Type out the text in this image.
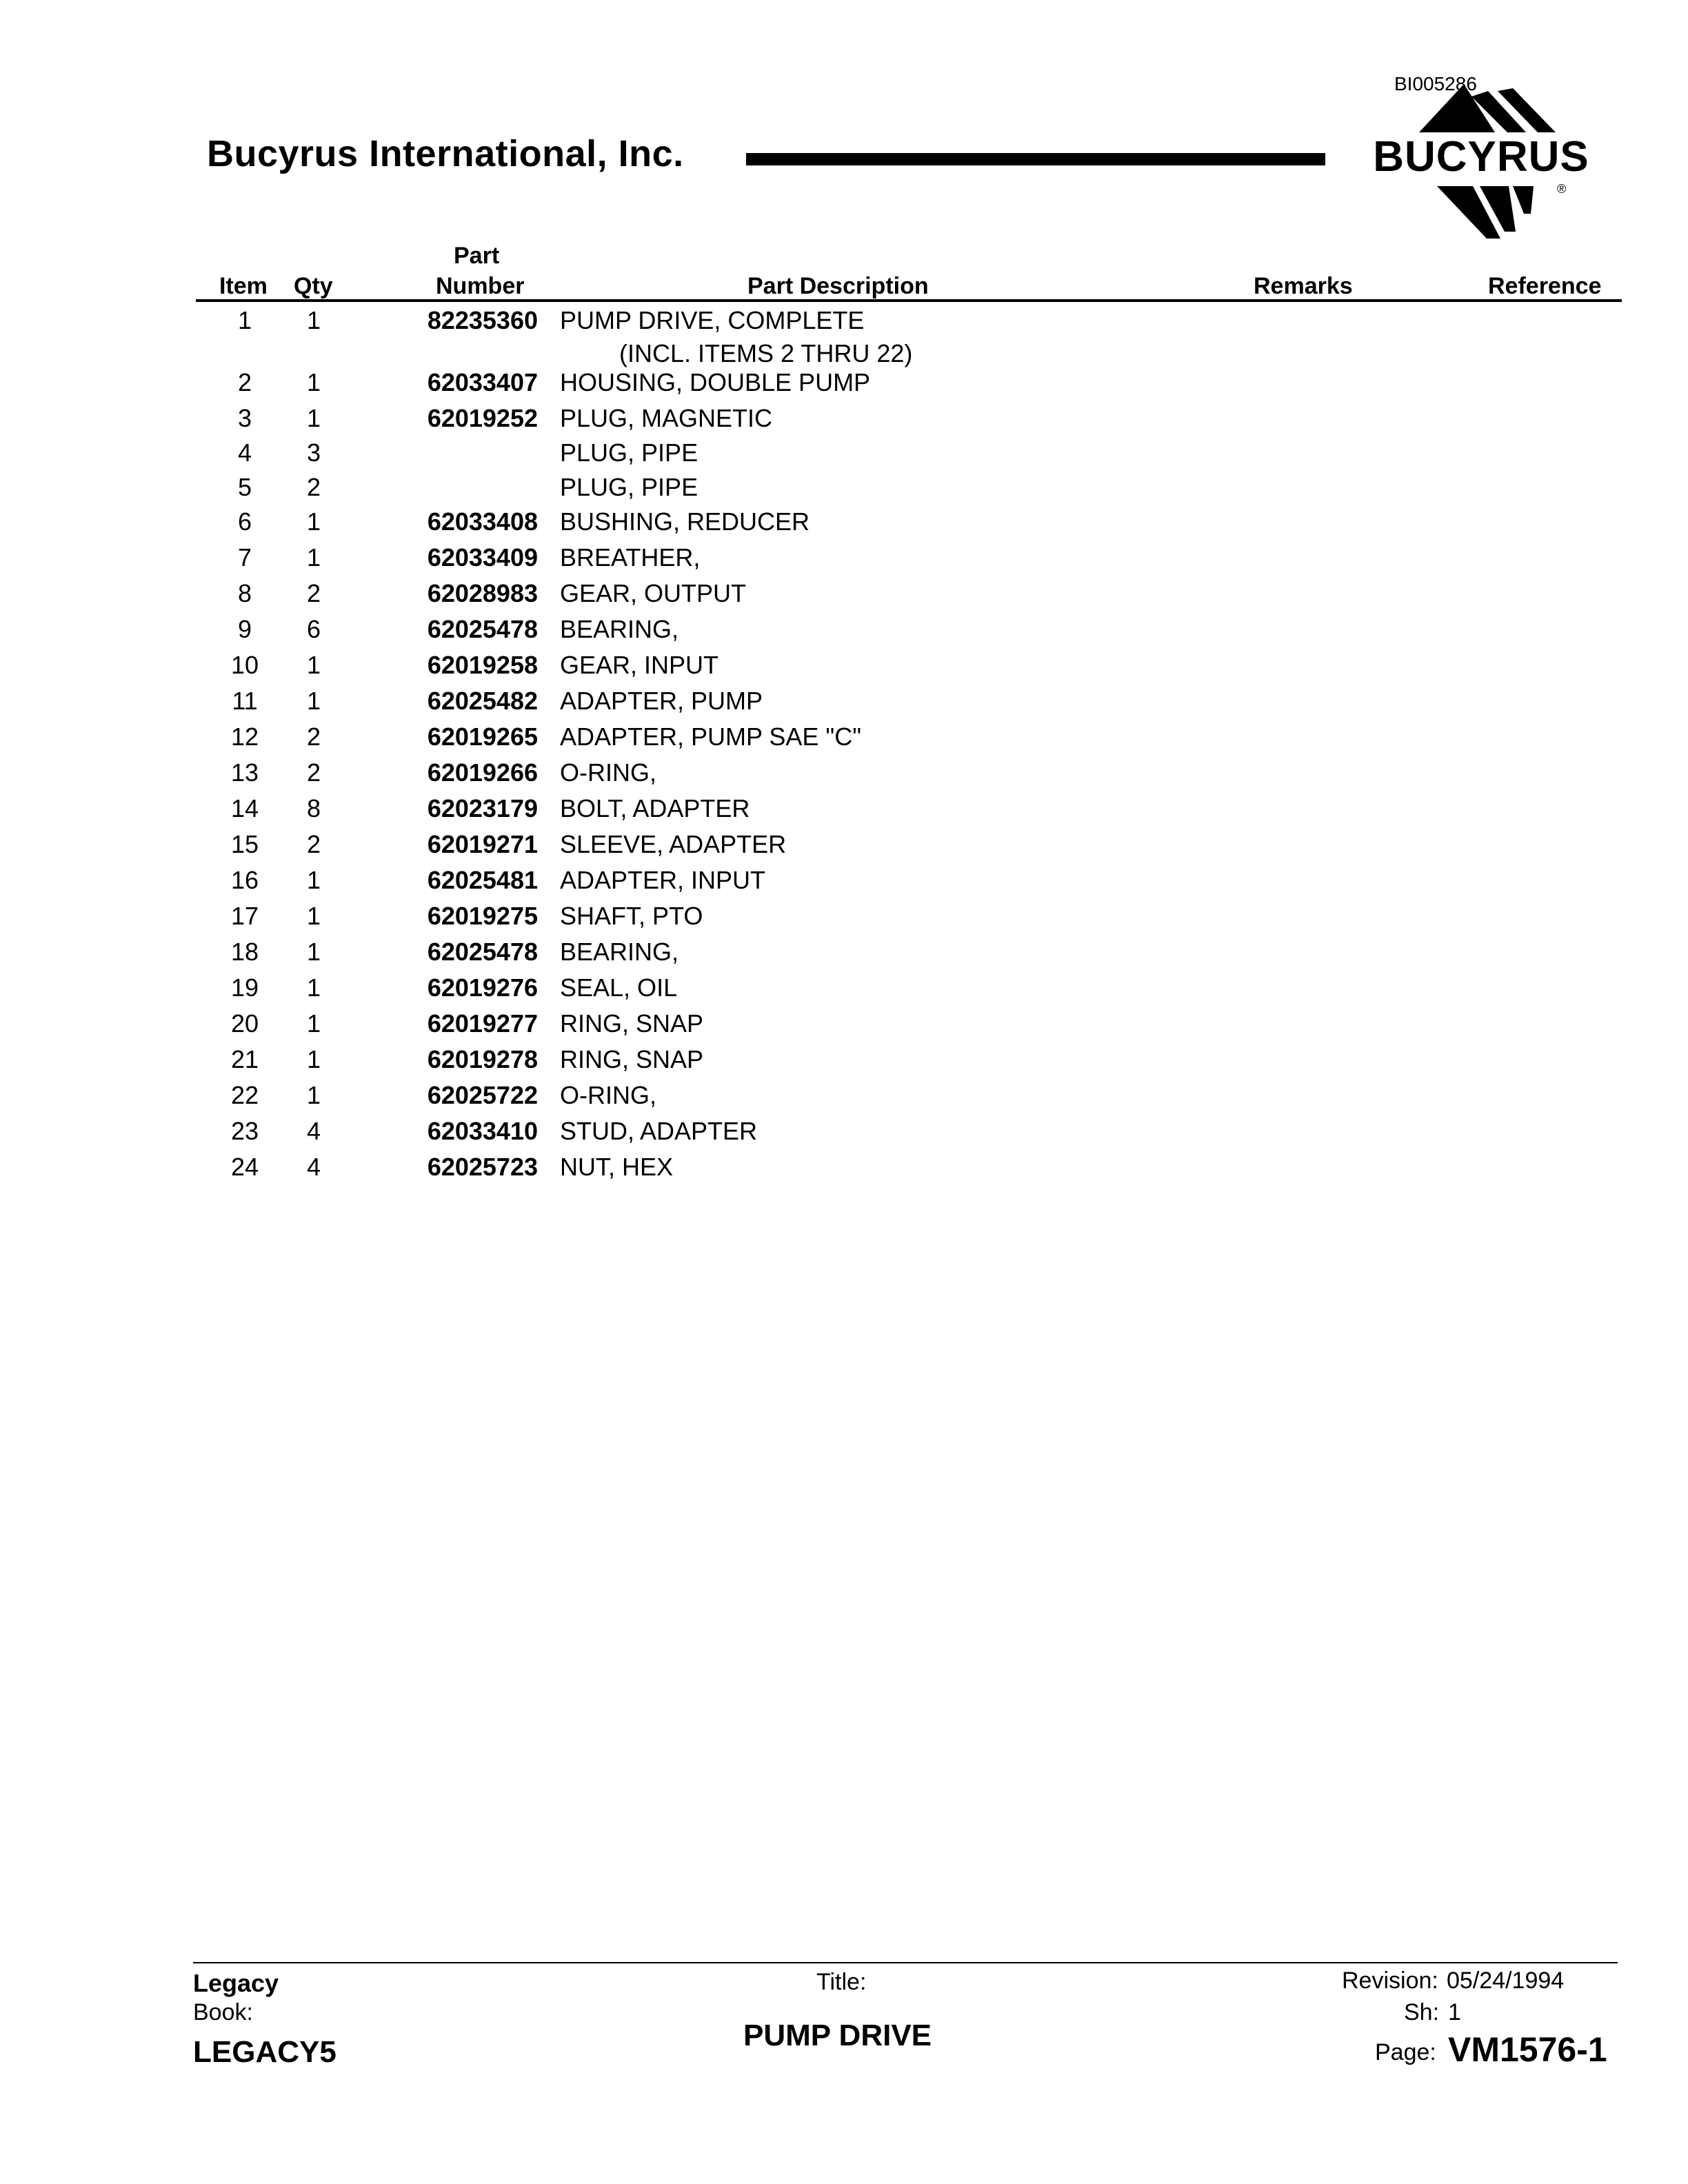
BI005286
Bucyrus International, Inc.
®
BUCYRUS
Item Qty
Part
Number	Part Description	Remarks	Reference
1	1	82235360 PUMP DRIVE, COMPLETE
(INCL. ITEMS 2 THRU 22)
2	1	62033407 HOUSING, DOUBLE PUMP
3	1	62019252 PLUG, MAGNETIC
4	3	PLUG, PIPE
5	2	PLUG, PIPE
6	1	62033408 BUSHING, REDUCER
7	1	62033409 BREATHER,
8	2	62028983 GEAR, OUTPUT
9	6	62025478 BEARING,
10	1	62019258 GEAR, INPUT
11	1	62025482 ADAPTER, PUMP
12	2	62019265 ADAPTER, PUMP SAE "C"
13	2	62019266 O-RING,
14	8	62023179 BOLT, ADAPTER
15	2	62019271 SLEEVE, ADAPTER
16	1	62025481 ADAPTER, INPUT
17	1	62019275 SHAFT, PTO
18	1	62025478 BEARING,
19	1	62019276 SEAL, OIL
20	1	62019277 RING, SNAP
21	1	62019278 RING, SNAP
22	1	62025722 O-RING,
23	4	62033410 STUD, ADAPTER
24	4	62025723 NUT, HEX
Legacy
Book:
LEGACY5
Title:
PUMP DRIVE
Revision: 05/24/1994
Sh: 1
Page: VM1576-1
